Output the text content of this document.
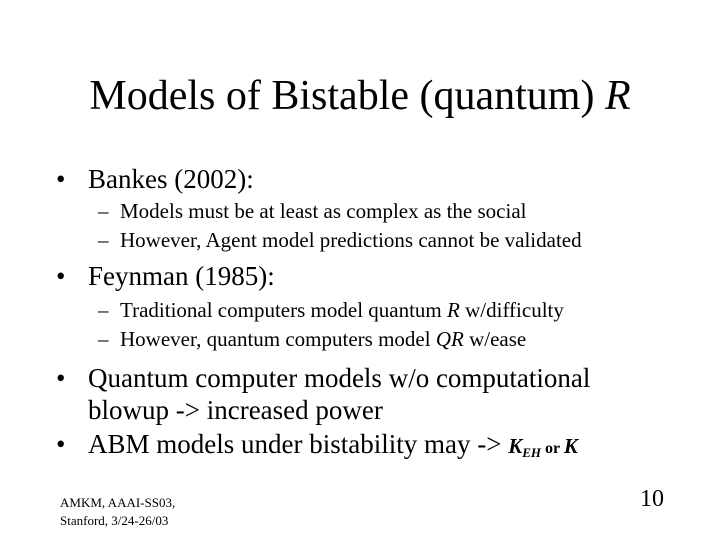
Models of Bistable (quantum) R
• Bankes (2002):
– Models must be at least as complex as the social
– However, Agent model predictions cannot be validated
• Feynman (1985):
– Traditional computers model quantum R w/difficulty
– However, quantum computers model QR w/ease
• Quantum computer models w/o computational
blowup -> increased power
• ABM models under bistability may -> $K_{EH}$ or K
AMKM, AAAI-SS03,
Stanford, 3/24-26/03
10
